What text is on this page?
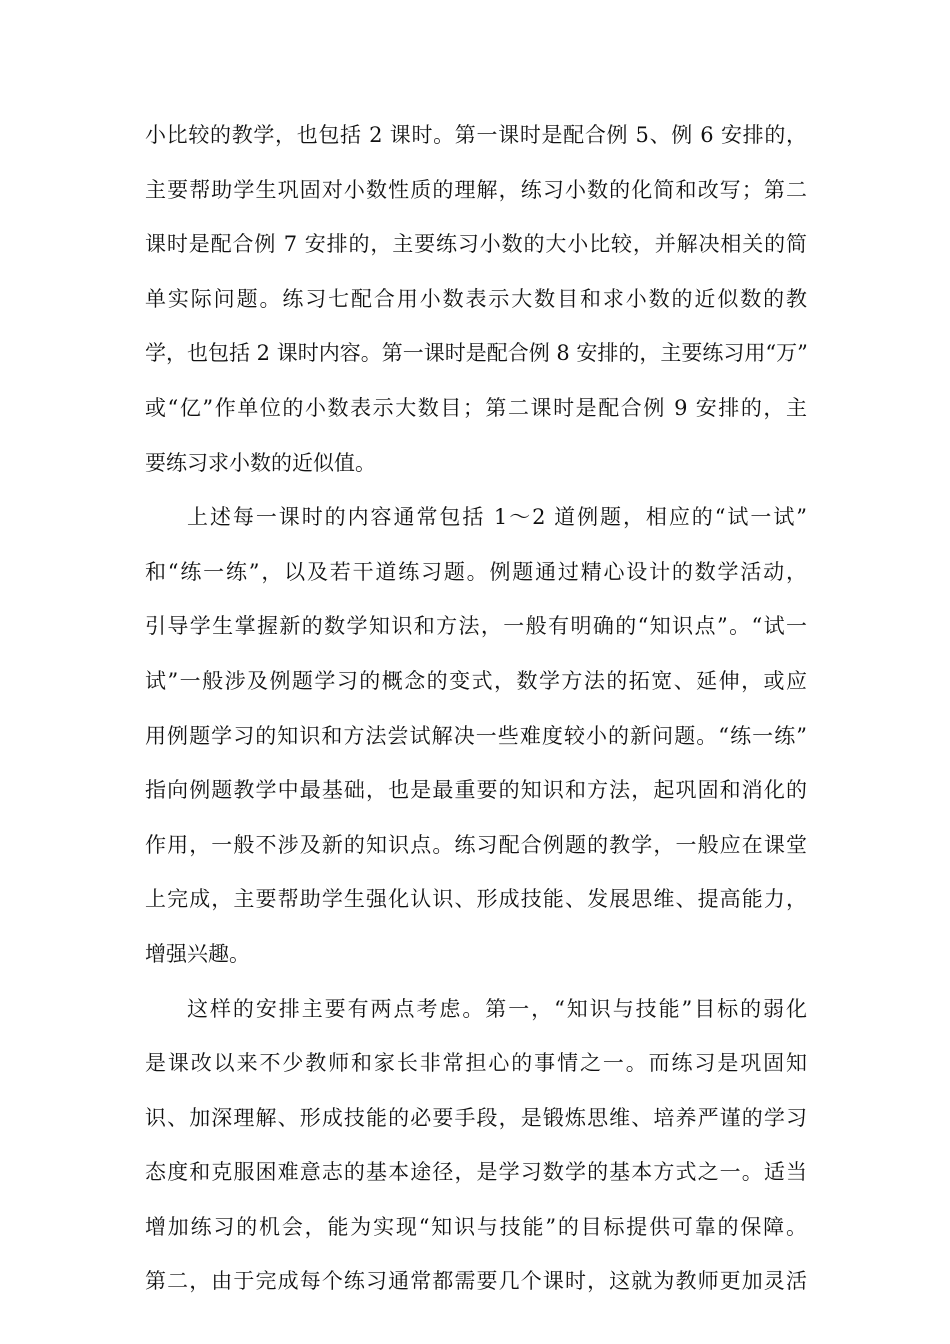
小比较的教学，也包括 2 课时。第一课时是配合例 5、例 6 安排的，
主要帮助学生巩固对小数性质的理解，练习小数的化简和改写；第二
课时是配合例 7 安排的，主要练习小数的大小比较，并解决相关的简
单实际问题。练习七配合用小数表示大数目和求小数的近似数的教
学，也包括 2 课时内容。第一课时是配合例 8 安排的，主要练习用“万”
或“亿”作单位的小数表示大数目；第二课时是配合例 9 安排的，主
要练习求小数的近似值。
上述每一课时的内容通常包括 1～2 道例题，相应的“试一试”
和“练一练”，以及若干道练习题。例题通过精心设计的数学活动，
引导学生掌握新的数学知识和方法，一般有明确的“知识点”。“试一
试”一般涉及例题学习的概念的变式，数学方法的拓宽、延伸，或应
用例题学习的知识和方法尝试解决一些难度较小的新问题。“练一练”
指向例题教学中最基础，也是最重要的知识和方法，起巩固和消化的
作用，一般不涉及新的知识点。练习配合例题的教学，一般应在课堂
上完成，主要帮助学生强化认识、形成技能、发展思维、提高能力，
增强兴趣。
这样的安排主要有两点考虑。第一，“知识与技能”目标的弱化
是课改以来不少教师和家长非常担心的事情之一。而练习是巩固知
识、加深理解、形成技能的必要手段，是锻炼思维、培养严谨的学习
态度和克服困难意志的基本途径，是学习数学的基本方式之一。适当
增加练习的机会，能为实现“知识与技能”的目标提供可靠的保障。
第二，由于完成每个练习通常都需要几个课时，这就为教师更加灵活
